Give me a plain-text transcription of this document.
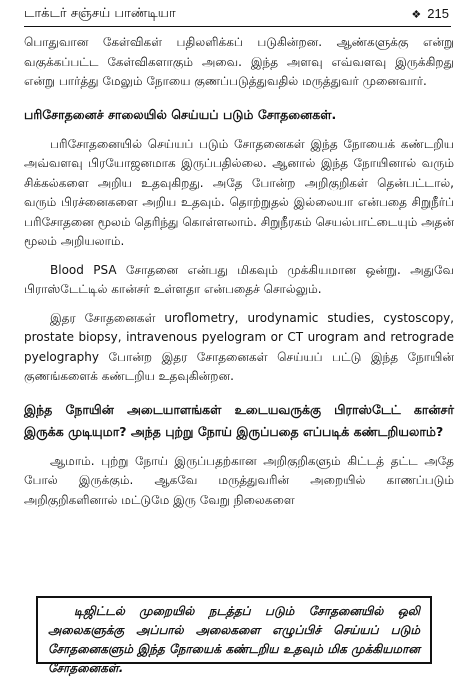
டாக்டர் சஞ்சய் பாண்டியா	❖ 215

பொதுவான கேள்விகள் பதிலளிக்கப் படுகின்றன. ஆண்களுக்கு என்று வகுக்கப்பட்ட கேள்விகளாகும் அவை. இந்த அளவு எவ்வளவு இருக்கிறது என்று பார்த்து மேலும் நோயை குணப்படுத்துவதில் மருத்துவர் முனைவார்.

பரிசோதனைச் சாலையில் செய்யப் படும் சோதனைகள்.

பரிசோதனையில் செய்யப் படும் சோதனைகள் இந்த நோயைக் கண்டறிய அவ்வளவு பிரயோஜனமாக இருப்பதில்லை. ஆனால் இந்த நோயினால் வரும் சிக்கல்களை அறிய உதவுகிறது. அதே போன்ற அறிகுறிகள் தென்பட்டால், வரும் பிரச்னைகளை அறிய உதவும். தொற்றுதல் இல்லையா என்பதை சிறுநீர்ப் பரிசோதனை மூலம் தெரிந்து கொள்ளலாம். சிறுநீரகம் செயல்பாட்டையும் அதன் மூலம் அறியலாம்.

Blood PSA சோதனை என்பது மிகவும் முக்கியமான ஒன்று. அதுவே பிராஸ்டேட்டில் கான்சர் உள்ளதா என்பதைச் சொல்லும்.

இதர சோதனைகள் uroflometry, urodynamic studies, cystoscopy, prostate biopsy, intravenous pyelogram or CT urogram and retrograde pyelography போன்ற இதர சோதனைகள் செய்யப் பட்டு இந்த நோயின் குணங்களைக் கண்டறிய உதவுகின்றன.

இந்த நோயின் அடையாளங்கள் உடையவருக்கு பிராஸ்டேட் கான்சர் இருக்க முடியுமா? அந்த புற்று நோய் இருப்பதை எப்படிக் கண்டறியலாம்?

ஆமாம். புற்று நோய் இருப்பதற்கான அறிகுறிகளும் கிட்டத் தட்ட அதே போல் இருக்கும். ஆகவே மருத்துவரின் அறையில் காணப்படும் அறிகுறிகளினால் மட்டுமே இரு வேறு நிலைகளை

டிஜிட்டல் முறையில் நடத்தப் படும் சோதனையில் ஒலி அலைகளுக்கு அப்பால் அலைகளை எழுப்பிச் செய்யப் படும் சோதனைகளும் இந்த நோயைக் கண்டறிய உதவும் மிக முக்கியமான சோதனைகள்.
